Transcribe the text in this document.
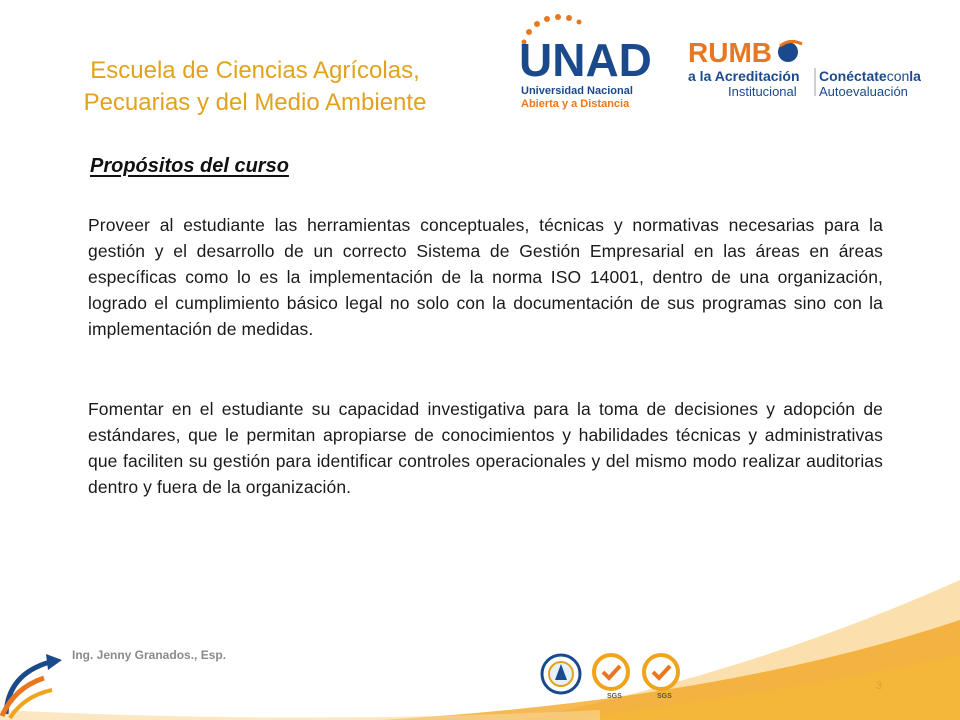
Escuela de Ciencias Agrícolas,
Pecuarias y del Medio Ambiente
UNAD
Universidad Nacional
Abierta y a Distancia
RUMB
a la Acreditación
Institucional
Conéctateconla
Autoevaluación
Propósitos del curso
Proveer al estudiante las herramientas conceptuales, técnicas y normativas necesarias para la gestión y el desarrollo de un correcto Sistema de Gestión Empresarial en las áreas en áreas específicas como lo es la implementación de la norma ISO 14001, dentro de una organización, logrado el cumplimiento básico legal no solo con la documentación de sus programas sino con la implementación de medidas.
Fomentar en el estudiante su capacidad investigativa para la toma de decisiones y adopción de estándares, que le permitan apropiarse de conocimientos y habilidades técnicas y administrativas que faciliten su gestión para identificar controles operacionales y del mismo modo realizar auditorias dentro y fuera de la organización.
Ing. Jenny Granados., Esp.
SGS	SGS
3
